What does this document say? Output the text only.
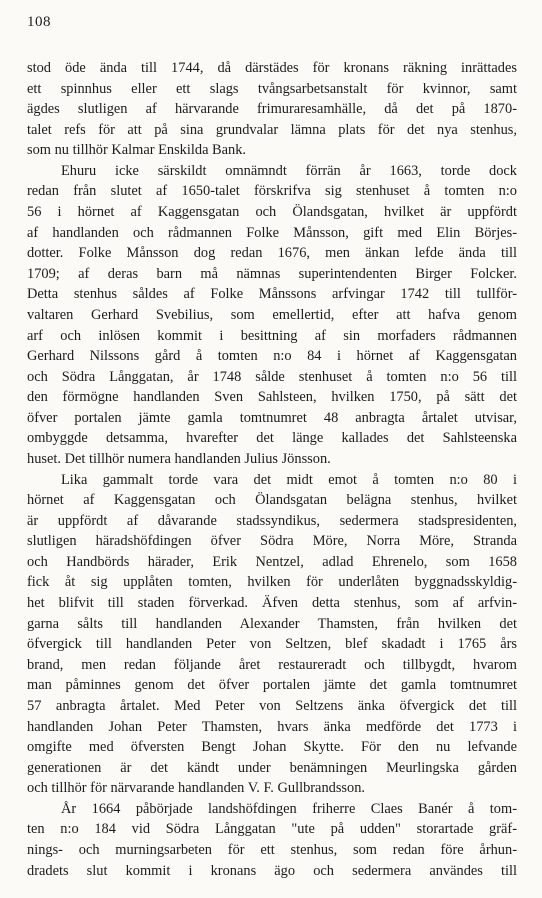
108
stod öde ända till 1744, då därstädes för kronans räkning inrättades
ett spinnhus eller ett slags tvångsarbetsanstalt för kvinnor, samt
ägdes slutligen af härvarande frimuraresamhälle, då det på 1870-
talet refs för att på sina grundvalar lämna plats för det nya stenhus,
som nu tillhör Kalmar Enskilda Bank.
Ehuru icke särskildt omnämndt förrän år 1663, torde dock
redan från slutet af 1650-talet förskrifva sig stenhuset å tomten n:o
56 i hörnet af Kaggensgatan och Ölandsgatan, hvilket är uppfördt
af handlanden och rådmannen Folke Månsson, gift med Elin Börjes-
dotter. Folke Månsson dog redan 1676, men änkan lefde ända till
1709; af deras barn må nämnas superintendenten Birger Folcker.
Detta stenhus såldes af Folke Månssons arfvingar 1742 till tullför-
valtaren Gerhard Svebilius, som emellertid, efter att hafva genom
arf och inlösen kommit i besittning af sin morfaders rådmannen
Gerhard Nilssons gård å tomten n:o 84 i hörnet af Kaggensgatan
och Södra Långgatan, år 1748 sålde stenhuset å tomten n:o 56 till
den förmögne handlanden Sven Sahlsteen, hvilken 1750, på sätt det
öfver portalen jämte gamla tomtnumret 48 anbragta årtalet utvisar,
ombyggde detsamma, hvarefter det länge kallades det Sahlsteenska
huset. Det tillhör numera handlanden Julius Jönsson.
Lika gammalt torde vara det midt emot å tomten n:o 80 i
hörnet af Kaggensgatan och Ölandsgatan belägna stenhus, hvilket
är uppfördt af dåvarande stadssyndikus, sedermera stadspresidenten,
slutligen häradshöfdingen öfver Södra Möre, Norra Möre, Stranda
och Handbörds härader, Erik Nentzel, adlad Ehrenelo, som 1658
fick åt sig upplåten tomten, hvilken för underlåten byggnadsskyldig-
het blifvit till staden förverkad. Äfven detta stenhus, som af arfvin-
garna sålts till handlanden Alexander Thamsten, från hvilken det
öfvergick till handlanden Peter von Seltzen, blef skadadt i 1765 års
brand, men redan följande året restaureradt och tillbygdt, hvarom
man påminnes genom det öfver portalen jämte det gamla tomtnumret
57 anbragta årtalet. Med Peter von Seltzens änka öfvergick det till
handlanden Johan Peter Thamsten, hvars änka medförde det 1773 i
omgifte med öfversten Bengt Johan Skytte. För den nu lefvande
generationen är det kändt under benämningen Meurlingska gården
och tillhör för närvarande handlanden V. F. Gullbrandsson.
År 1664 påbörjade landshöfdingen friherre Claes Banér å tom-
ten n:o 184 vid Södra Långgatan "ute på udden" storartade gräf-
nings- och murningsarbeten för ett stenhus, som redan före århun-
dradets slut kommit i kronans ägo och sedermera användes till
